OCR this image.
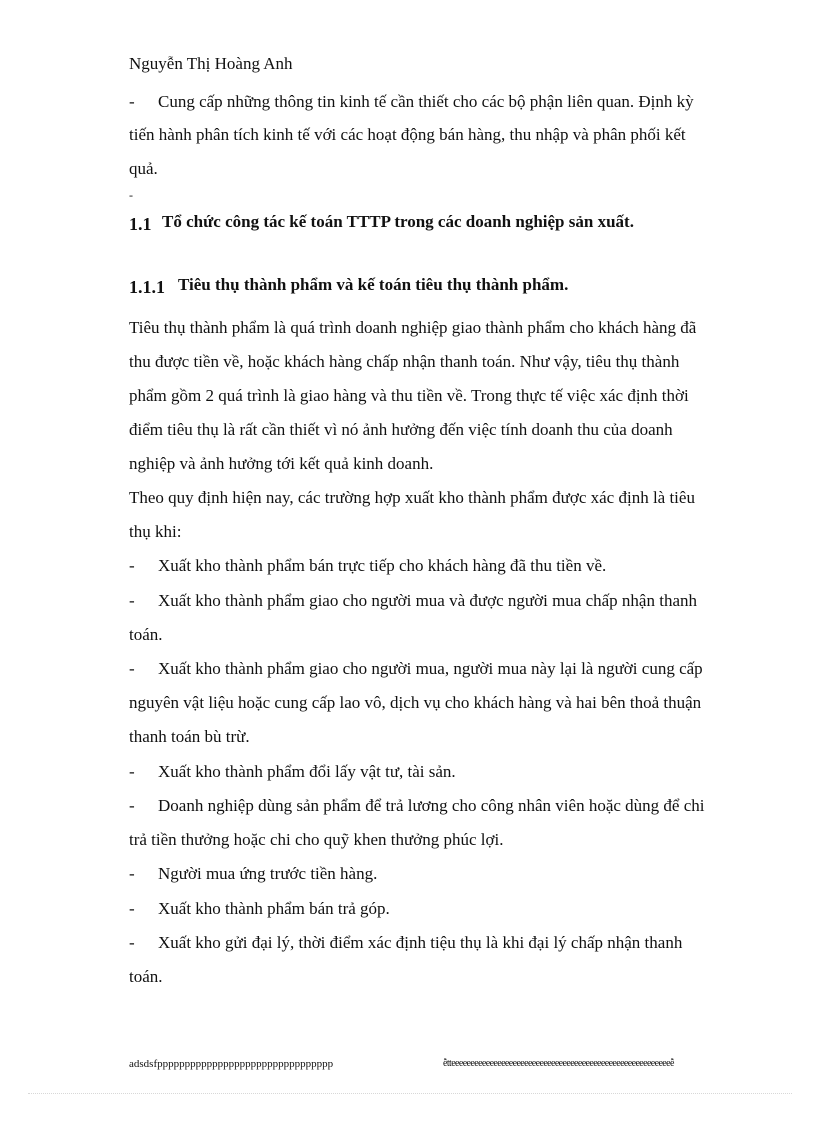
Nguyễn Thị Hoàng Anh
- Cung cấp những thông tin kinh tế cần thiết cho các bộ phận liên quan. Định kỳ
tiến hành phân tích kinh tế với các hoạt động bán hàng, thu nhập và phân phối kết
quả.
-
1.1 Tổ chức công tác kế toán TTTP trong các doanh nghiệp sản xuất.
1.1.1 Tiêu thụ thành phẩm và kế toán tiêu thụ thành phẩm.
Tiêu thụ thành phẩm là quá trình doanh nghiệp giao thành phẩm cho khách hàng đã
thu được tiền về, hoặc khách hàng chấp nhận thanh toán. Như vậy, tiêu thụ thành
phẩm gồm 2 quá trình là giao hàng và thu tiền về. Trong thực tế việc xác định thời
điểm tiêu thụ là rất cần thiết vì nó ảnh hưởng đến việc tính doanh thu của doanh
nghiệp và ảnh hưởng tới kết quả kinh doanh.
Theo quy định hiện nay, các trường hợp xuất kho thành phẩm được xác định là tiêu
thụ khi:
- Xuất kho thành phẩm bán trực tiếp cho khách hàng đã thu tiền về.
- Xuất kho thành phẩm giao cho người mua và được người mua chấp nhận thanh
toán.
- Xuất kho thành phẩm giao cho người mua, người mua này lại là người cung cấp
nguyên vật liệu hoặc cung cấp lao vô, dịch vụ cho khách hàng và hai bên thoả thuận
thanh toán bù trừ.
- Xuất kho thành phẩm đổi lấy vật tư, tài sản.
- Doanh nghiệp dùng sản phẩm để trả lương cho công nhân viên hoặc dùng để chi
trả tiền thưởng hoặc chi cho quỹ khen thưởng phúc lợi.
- Người mua ứng trước tiền hàng.
- Xuất kho thành phẩm bán trả góp.
- Xuất kho gửi đại lý, thời điểm xác định tiệu thụ là khi đại lý chấp nhận thanh
toán.
adsdsfpppppppppppppppppppppppppppppppp	ễtteeeeeeeeeeeeeeeeeeeeeeeeeeeeeeeeeeeeeeeeeeeeeeeeeeeeeeeeeễ
